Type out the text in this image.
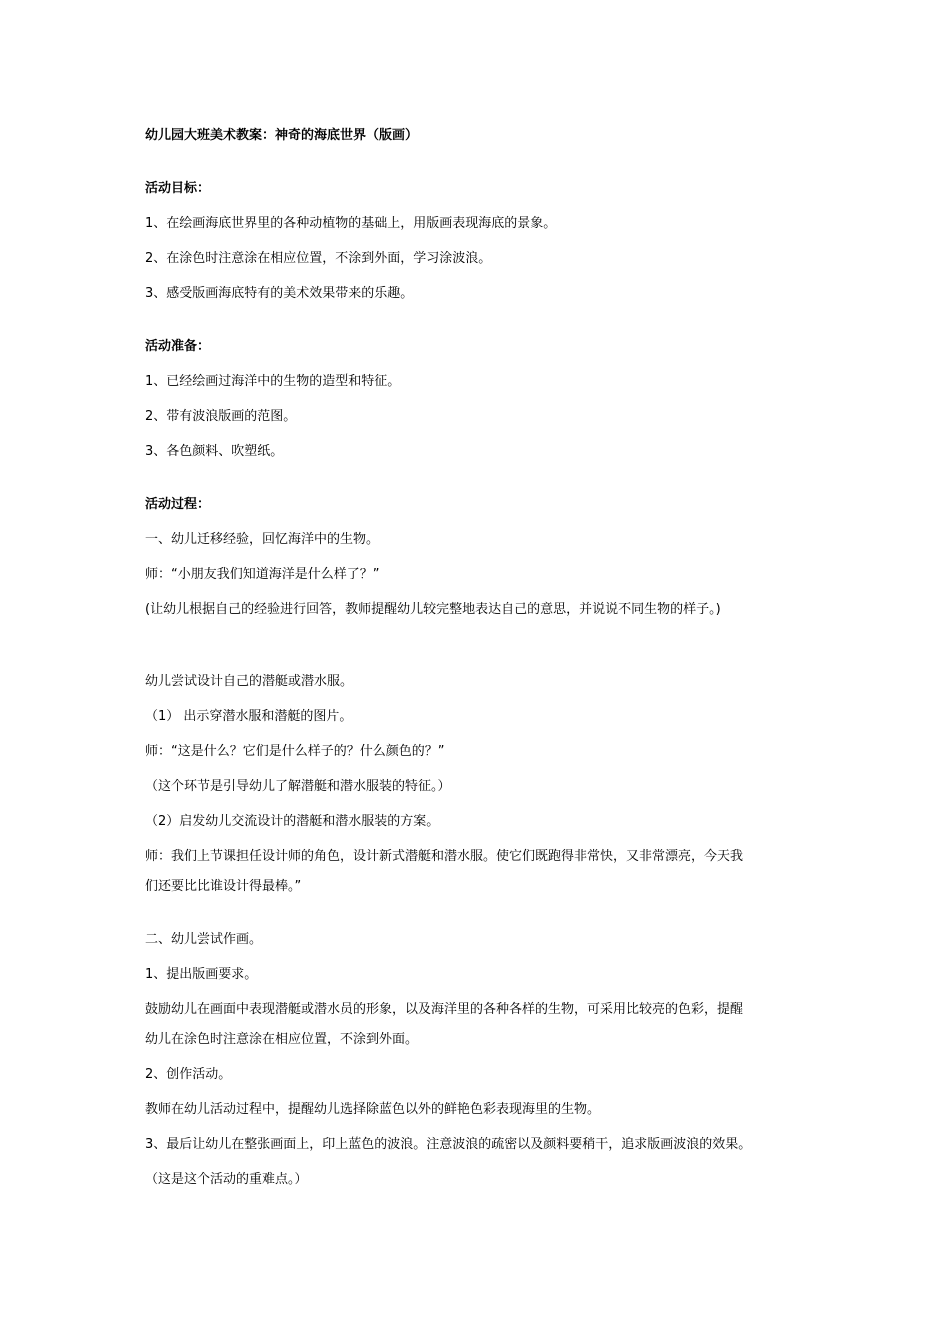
幼儿园大班美术教案：神奇的海底世界（版画）

活动目标：

1、在绘画海底世界里的各种动植物的基础上，用版画表现海底的景象。

2、在涂色时注意涂在相应位置，不涂到外面，学习涂波浪。

3、感受版画海底特有的美术效果带来的乐趣。

活动准备：

1、已经绘画过海洋中的生物的造型和特征。

2、带有波浪版画的范图。

3、各色颜料、吹塑纸。

活动过程：

一、幼儿迁移经验，回忆海洋中的生物。

师：“小朋友我们知道海洋是什么样了？”

(让幼儿根据自己的经验进行回答，教师提醒幼儿较完整地表达自己的意思，并说说不同生物的样子。)

幼儿尝试设计自己的潜艇或潜水服。

（1） 出示穿潜水服和潜艇的图片。

师：“这是什么？它们是什么样子的？什么颜色的？”

（这个环节是引导幼儿了解潜艇和潜水服装的特征。）

（2）启发幼儿交流设计的潜艇和潜水服装的方案。

师：我们上节课担任设计师的角色，设计新式潜艇和潜水服。使它们既跑得非常快，又非常漂亮，今天我

们还要比比谁设计得最棒。”

二、幼儿尝试作画。

1、提出版画要求。

鼓励幼儿在画面中表现潜艇或潜水员的形象，以及海洋里的各种各样的生物，可采用比较亮的色彩，提醒

幼儿在涂色时注意涂在相应位置，不涂到外面。

2、创作活动。

教师在幼儿活动过程中，提醒幼儿选择除蓝色以外的鲜艳色彩表现海里的生物。

3、最后让幼儿在整张画面上，印上蓝色的波浪。注意波浪的疏密以及颜料要稍干，追求版画波浪的效果。

（这是这个活动的重难点。）
